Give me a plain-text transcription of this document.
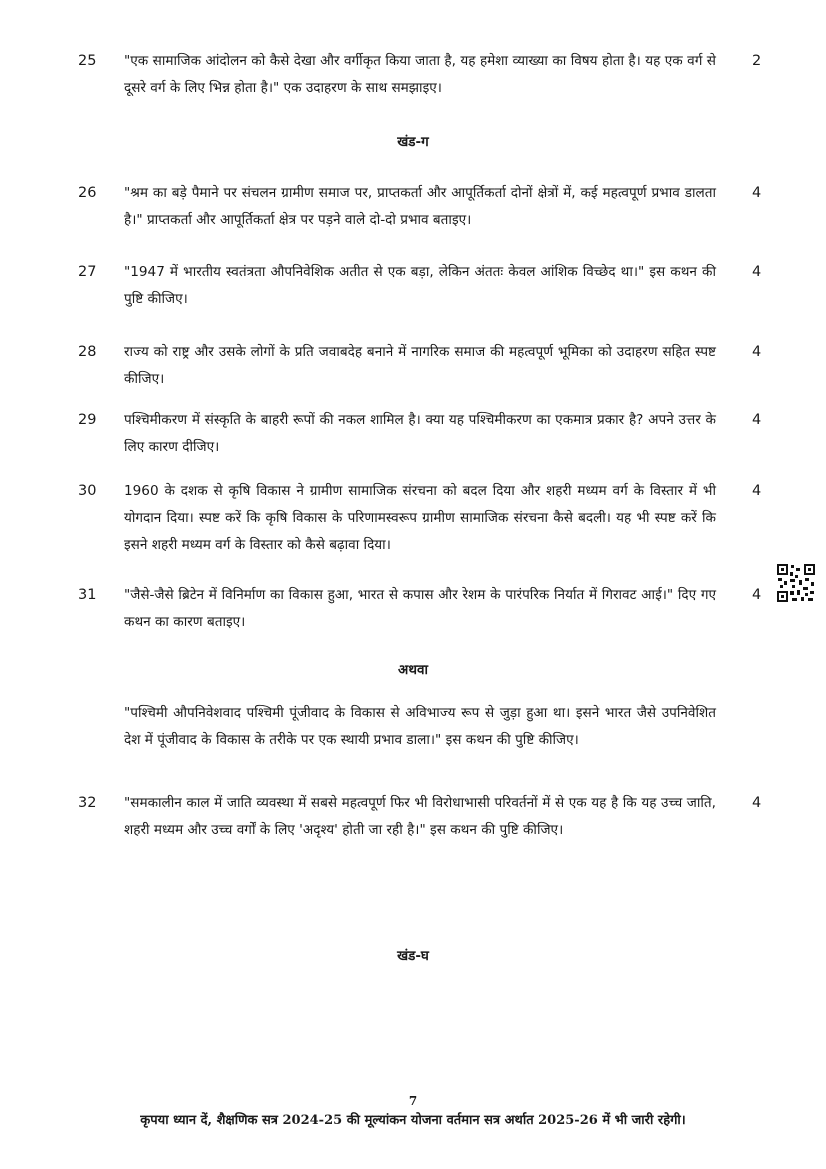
25 "एक सामाजिक आंदोलन को कैसे देखा और वर्गीकृत किया जाता है, यह हमेशा व्याख्या का विषय होता है। यह एक वर्ग से दूसरे वर्ग के लिए भिन्न होता है।" एक उदाहरण के साथ समझाइए।
2
खंड-ग
26 "श्रम का बड़े पैमाने पर संचलन ग्रामीण समाज पर, प्राप्तकर्ता और आपूर्तिकर्ता दोनों क्षेत्रों में, कई महत्वपूर्ण प्रभाव डालता है।" प्राप्तकर्ता और आपूर्तिकर्ता क्षेत्र पर पड़ने वाले दो-दो प्रभाव बताइए।
4
27 "1947 में भारतीय स्वतंत्रता औपनिवेशिक अतीत से एक बड़ा, लेकिन अंततः केवल आंशिक विच्छेद था।" इस कथन की पुष्टि कीजिए।
4
28 राज्य को राष्ट्र और उसके लोगों के प्रति जवाबदेह बनाने में नागरिक समाज की महत्वपूर्ण भूमिका को उदाहरण सहित स्पष्ट कीजिए।
4
29 पश्चिमीकरण में संस्कृति के बाहरी रूपों की नकल शामिल है। क्या यह पश्चिमीकरण का एकमात्र प्रकार है? अपने उत्तर के लिए कारण दीजिए।
4
30 1960 के दशक से कृषि विकास ने ग्रामीण सामाजिक संरचना को बदल दिया और शहरी मध्यम वर्ग के विस्तार में भी योगदान दिया। स्पष्ट करें कि कृषि विकास के परिणामस्वरूप ग्रामीण सामाजिक संरचना कैसे बदली। यह भी स्पष्ट करें कि इसने शहरी मध्यम वर्ग के विस्तार को कैसे बढ़ावा दिया।
4
31 "जैसे-जैसे ब्रिटेन में विनिर्माण का विकास हुआ, भारत से कपास और रेशम के पारंपरिक निर्यात में गिरावट आई।" दिए गए कथन का कारण बताइए।
4
अथवा
"पश्चिमी औपनिवेशवाद पश्चिमी पूंजीवाद के विकास से अविभाज्य रूप से जुड़ा हुआ था। इसने भारत जैसे उपनिवेशित देश में पूंजीवाद के विकास के तरीके पर एक स्थायी प्रभाव डाला।" इस कथन की पुष्टि कीजिए।
32 "समकालीन काल में जाति व्यवस्था में सबसे महत्वपूर्ण फिर भी विरोधाभासी परिवर्तनों में से एक यह है कि यह उच्च जाति, शहरी मध्यम और उच्च वर्गों के लिए 'अदृश्य' होती जा रही है।" इस कथन की पुष्टि कीजिए।
4
खंड-घ
7
कृपया ध्यान दें, शैक्षणिक सत्र 2024-25 की मूल्यांकन योजना वर्तमान सत्र अर्थात 2025-26 में भी जारी रहेगी।
